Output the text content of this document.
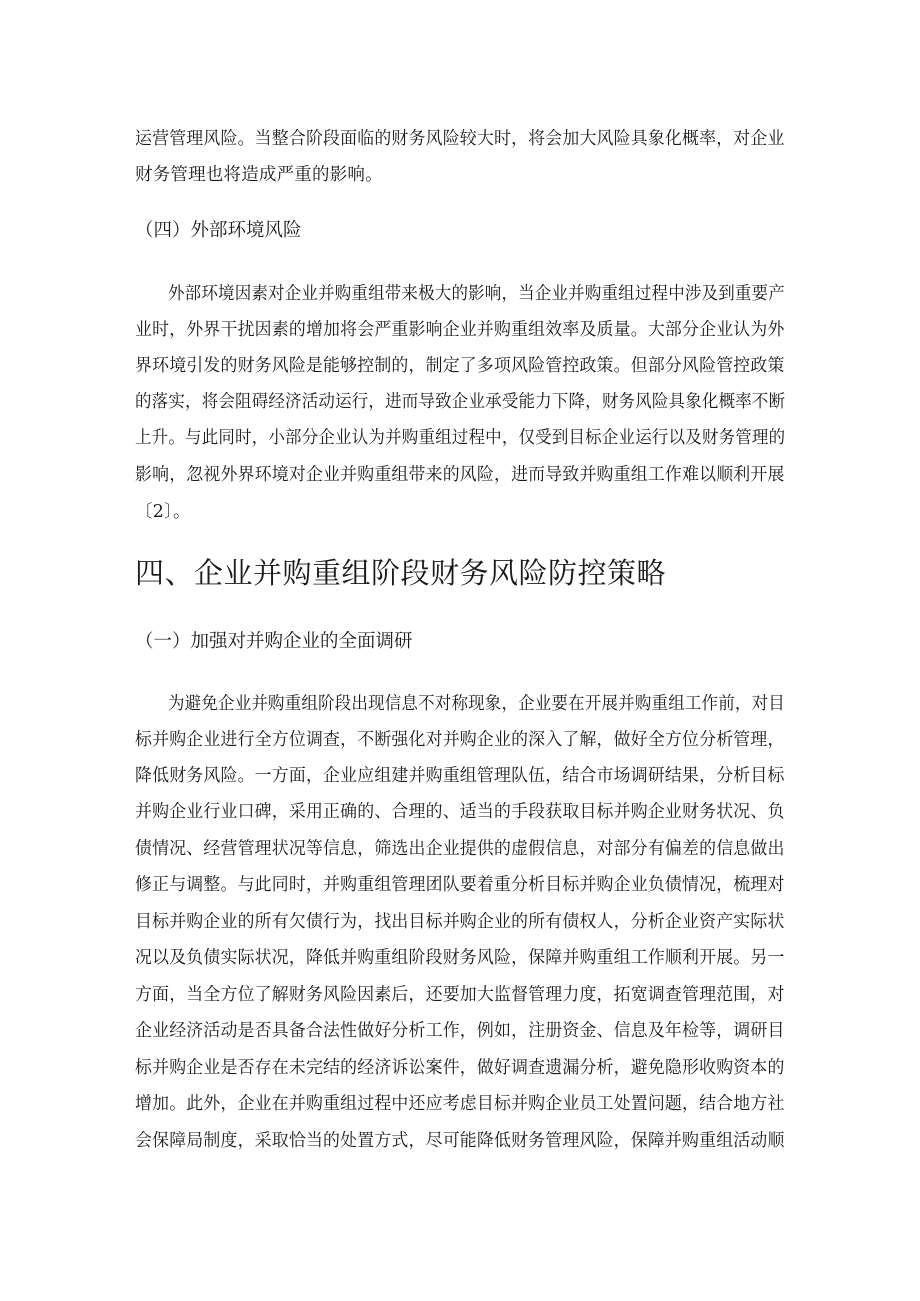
运营管理风险。当整合阶段面临的财务风险较大时，将会加大风险具象化概率，对企业
财务管理也将造成严重的影响。
（四）外部环境风险
外部环境因素对企业并购重组带来极大的影响，当企业并购重组过程中涉及到重要产
业时，外界干扰因素的增加将会严重影响企业并购重组效率及质量。大部分企业认为外
界环境引发的财务风险是能够控制的，制定了多项风险管控政策。但部分风险管控政策
的落实，将会阻碍经济活动运行，进而导致企业承受能力下降，财务风险具象化概率不断
上升。与此同时，小部分企业认为并购重组过程中，仅受到目标企业运行以及财务管理的
影响，忽视外界环境对企业并购重组带来的风险，进而导致并购重组工作难以顺利开展
〔2〕。
四、企业并购重组阶段财务风险防控策略
（一）加强对并购企业的全面调研
为避免企业并购重组阶段出现信息不对称现象，企业要在开展并购重组工作前，对目
标并购企业进行全方位调查，不断强化对并购企业的深入了解，做好全方位分析管理，
降低财务风险。一方面，企业应组建并购重组管理队伍，结合市场调研结果，分析目标
并购企业行业口碑，采用正确的、合理的、适当的手段获取目标并购企业财务状况、负
债情况、经营管理状况等信息，筛选出企业提供的虚假信息，对部分有偏差的信息做出
修正与调整。与此同时，并购重组管理团队要着重分析目标并购企业负债情况，梳理对
目标并购企业的所有欠债行为，找出目标并购企业的所有债权人，分析企业资产实际状
况以及负债实际状况，降低并购重组阶段财务风险，保障并购重组工作顺利开展。另一
方面，当全方位了解财务风险因素后，还要加大监督管理力度，拓宽调查管理范围，对
企业经济活动是否具备合法性做好分析工作，例如，注册资金、信息及年检等，调研目
标并购企业是否存在未完结的经济诉讼案件，做好调查遗漏分析，避免隐形收购资本的
增加。此外，企业在并购重组过程中还应考虑目标并购企业员工处置问题，结合地方社
会保障局制度，采取恰当的处置方式，尽可能降低财务管理风险，保障并购重组活动顺
